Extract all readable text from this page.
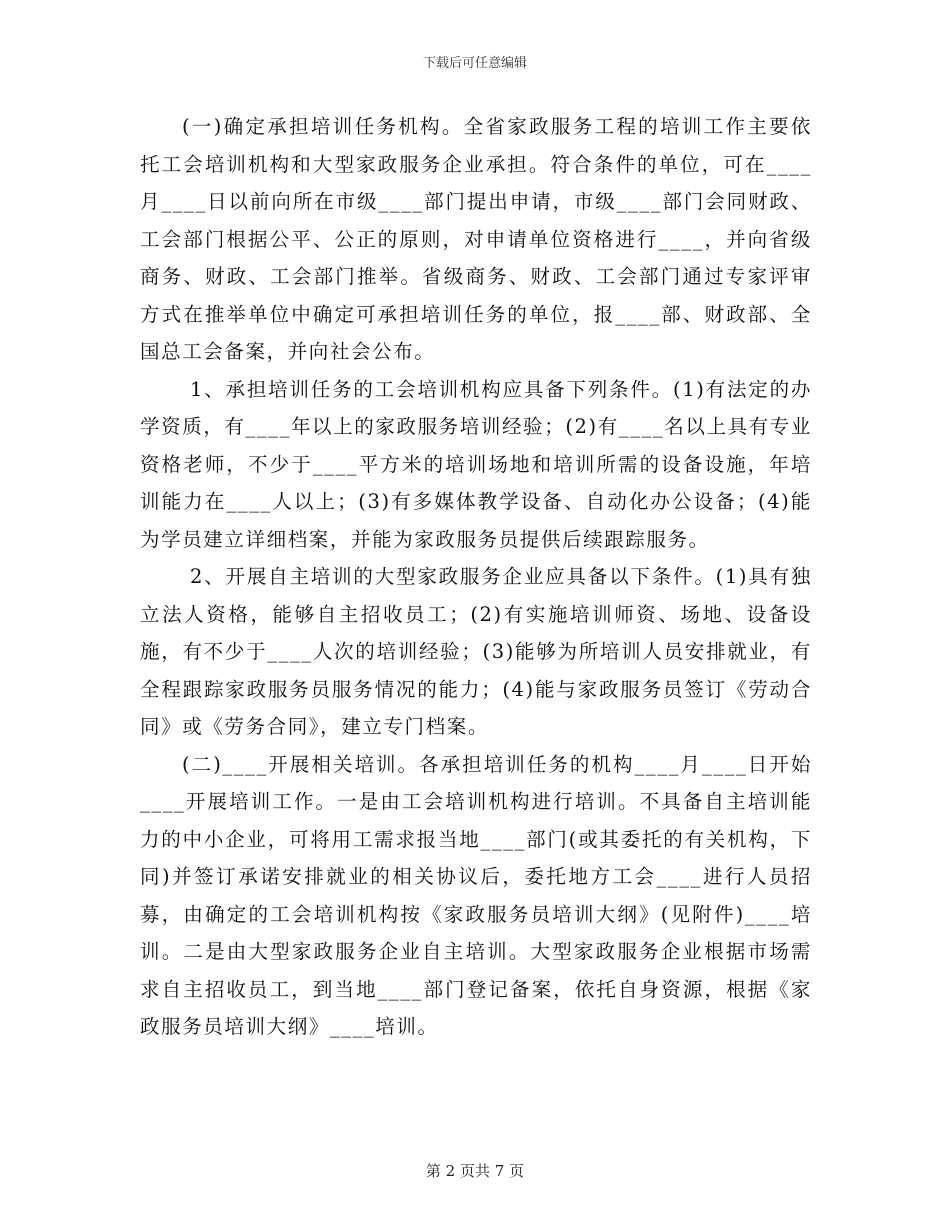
下载后可任意编辑

(一)确定承担培训任务机构。全省家政服务工程的培训工作主要依托工会培训机构和大型家政服务企业承担。符合条件的单位，可在____月____日以前向所在市级____部门提出申请，市级____部门会同财政、工会部门根据公平、公正的原则，对申请单位资格进行____，并向省级商务、财政、工会部门推举。省级商务、财政、工会部门通过专家评审方式在推举单位中确定可承担培训任务的单位，报____部、财政部、全国总工会备案，并向社会公布。

1、承担培训任务的工会培训机构应具备下列条件。(1)有法定的办学资质，有____年以上的家政服务培训经验；(2)有____名以上具有专业资格老师，不少于____平方米的培训场地和培训所需的设备设施，年培训能力在____人以上；(3)有多媒体教学设备、自动化办公设备；(4)能为学员建立详细档案，并能为家政服务员提供后续跟踪服务。

2、开展自主培训的大型家政服务企业应具备以下条件。(1)具有独立法人资格，能够自主招收员工；(2)有实施培训师资、场地、设备设施，有不少于____人次的培训经验；(3)能够为所培训人员安排就业，有全程跟踪家政服务员服务情况的能力；(4)能与家政服务员签订《劳动合同》或《劳务合同》，建立专门档案。

(二)____开展相关培训。各承担培训任务的机构____月____日开始____开展培训工作。一是由工会培训机构进行培训。不具备自主培训能力的中小企业，可将用工需求报当地____部门(或其委托的有关机构，下同)并签订承诺安排就业的相关协议后，委托地方工会____进行人员招募，由确定的工会培训机构按《家政服务员培训大纲》(见附件)____培训。二是由大型家政服务企业自主培训。大型家政服务企业根据市场需求自主招收员工，到当地____部门登记备案，依托自身资源，根据《家政服务员培训大纲》____培训。

第 2 页共 7 页
